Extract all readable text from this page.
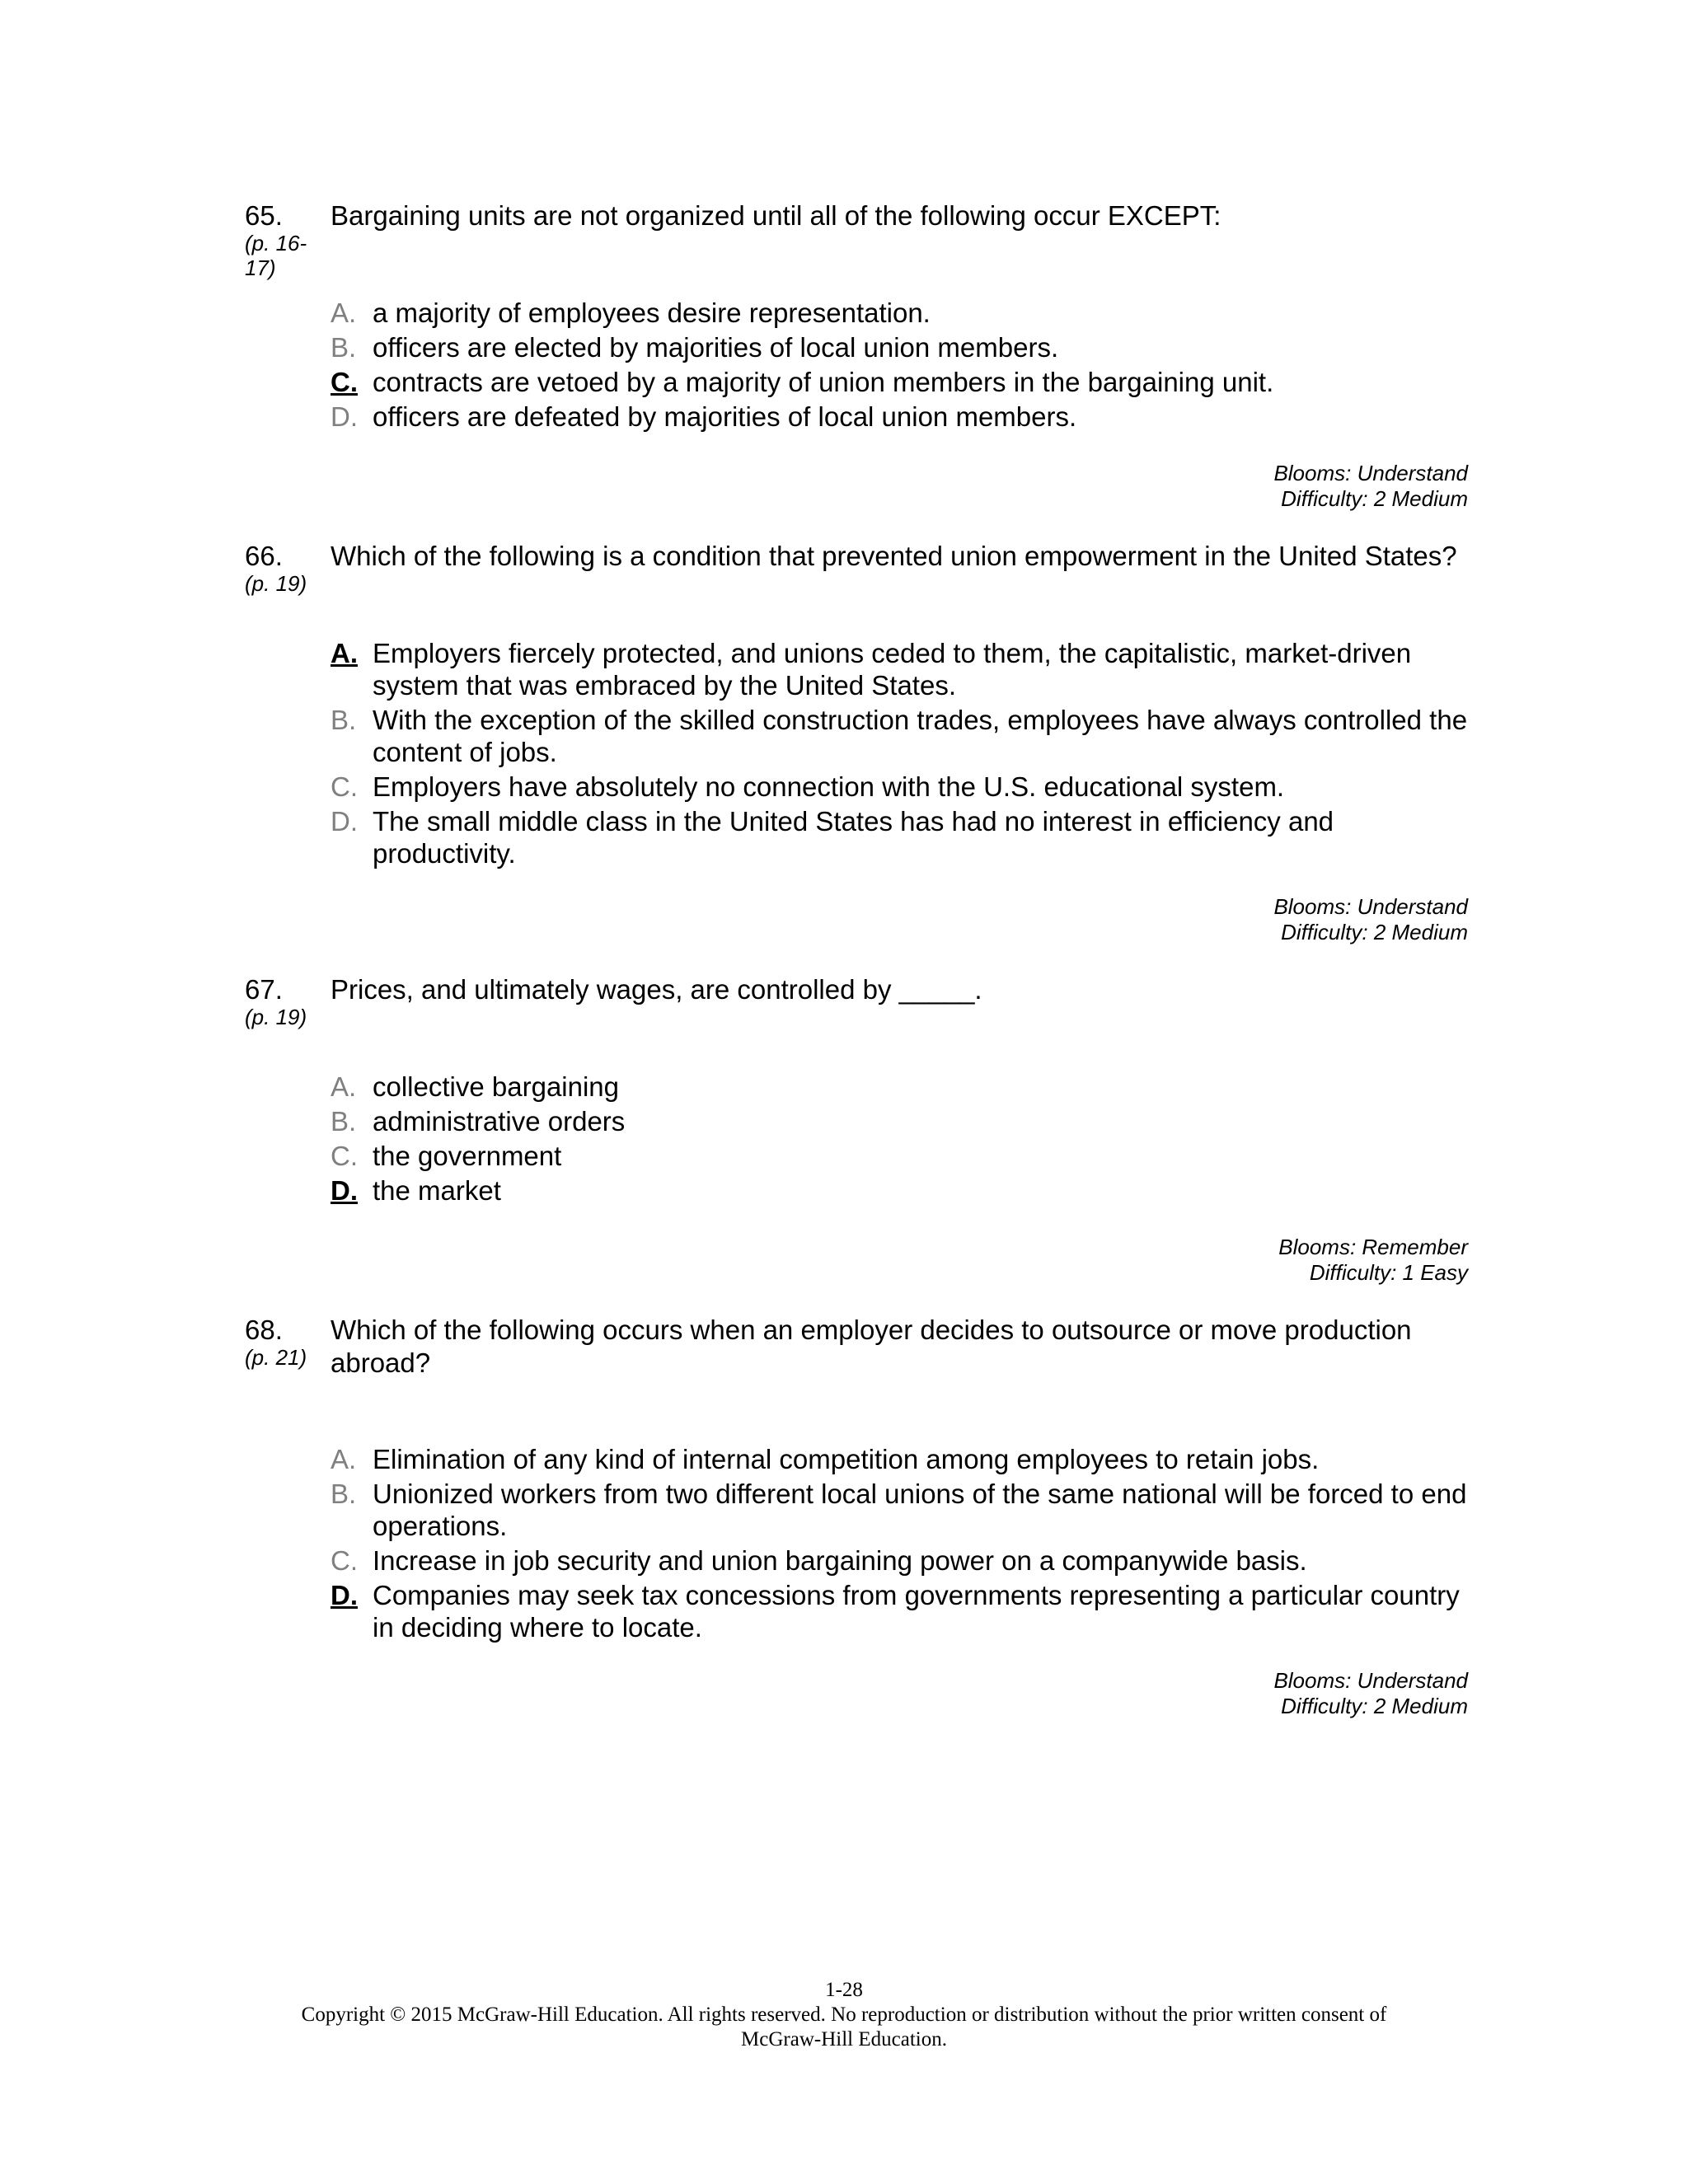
65.
(p. 16-17)
Bargaining units are not organized until all of the following occur EXCEPT:
A. a majority of employees desire representation.
B. officers are elected by majorities of local union members.
C. contracts are vetoed by a majority of union members in the bargaining unit.
D. officers are defeated by majorities of local union members.
Blooms: Understand
Difficulty: 2 Medium
66.
(p. 19)
Which of the following is a condition that prevented union empowerment in the United States?
A. Employers fiercely protected, and unions ceded to them, the capitalistic, market-driven system that was embraced by the United States.
B. With the exception of the skilled construction trades, employees have always controlled the content of jobs.
C. Employers have absolutely no connection with the U.S. educational system.
D. The small middle class in the United States has had no interest in efficiency and productivity.
Blooms: Understand
Difficulty: 2 Medium
67.
(p. 19)
Prices, and ultimately wages, are controlled by _____.
A. collective bargaining
B. administrative orders
C. the government
D. the market
Blooms: Remember
Difficulty: 1 Easy
68.
(p. 21)
Which of the following occurs when an employer decides to outsource or move production abroad?
A. Elimination of any kind of internal competition among employees to retain jobs.
B. Unionized workers from two different local unions of the same national will be forced to end operations.
C. Increase in job security and union bargaining power on a companywide basis.
D. Companies may seek tax concessions from governments representing a particular country in deciding where to locate.
Blooms: Understand
Difficulty: 2 Medium
1-28
Copyright © 2015 McGraw-Hill Education. All rights reserved. No reproduction or distribution without the prior written consent of
McGraw-Hill Education.
